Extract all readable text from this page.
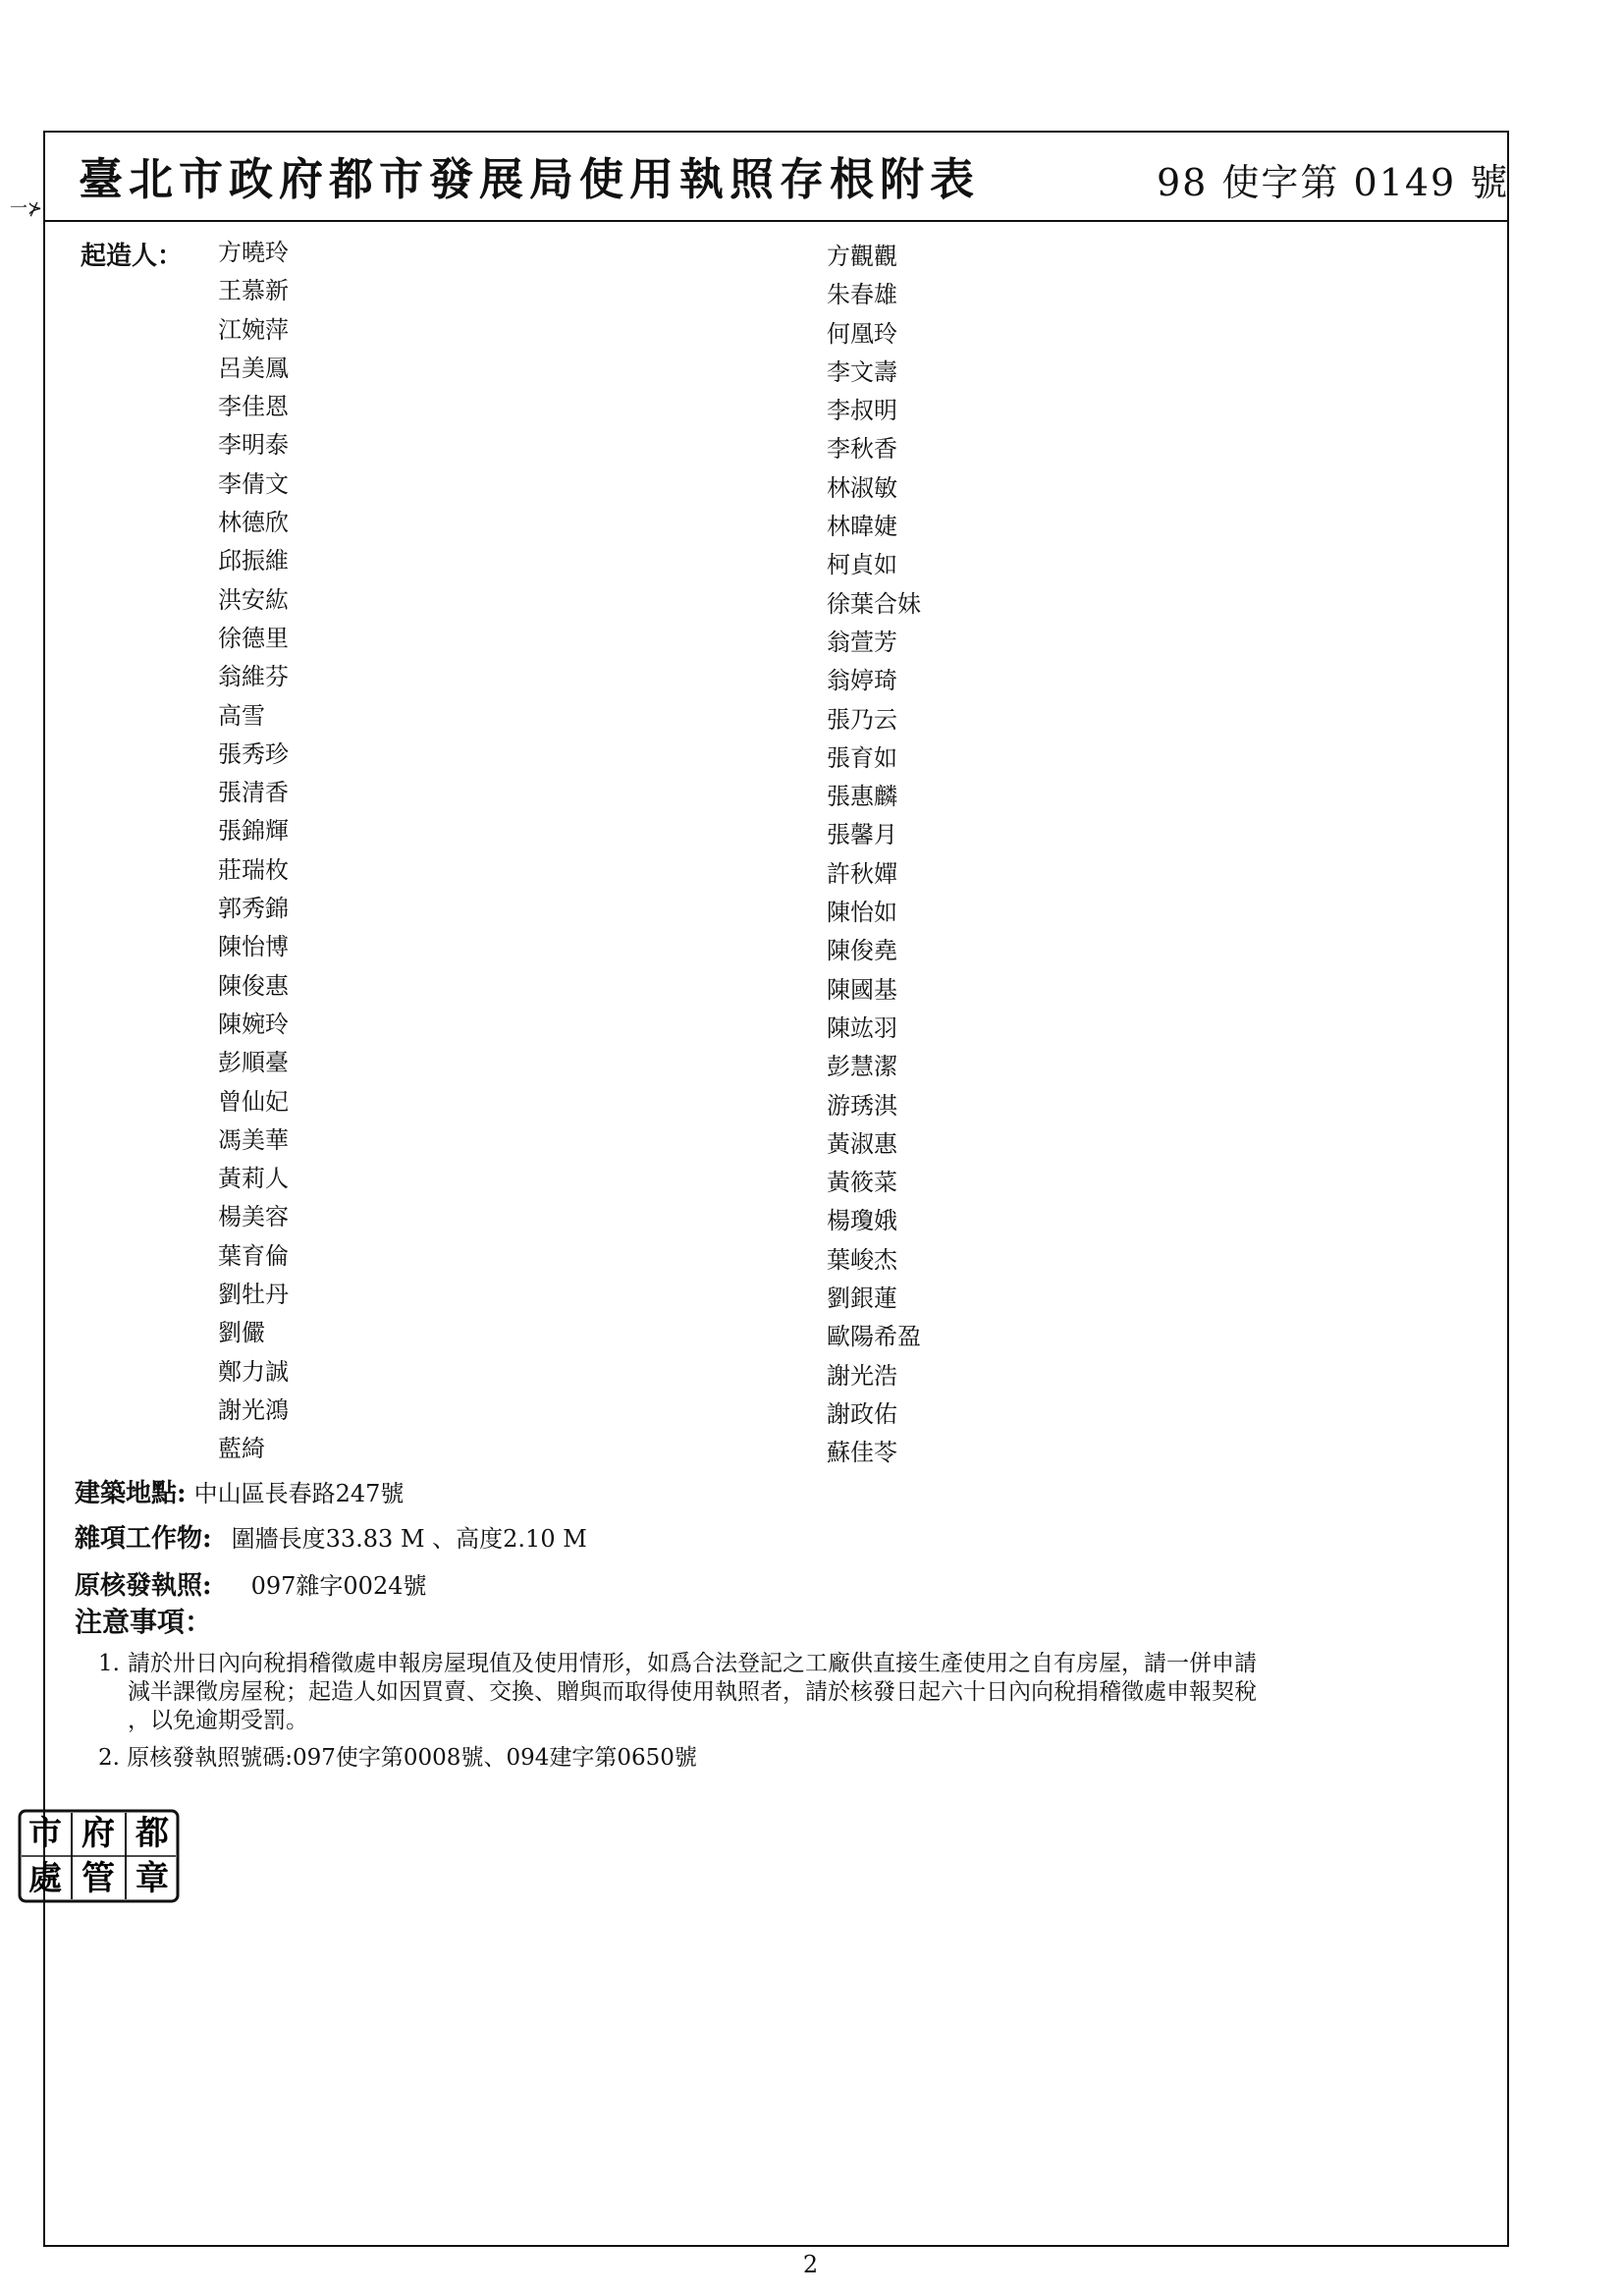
一⊁
臺北市政府都市發展局使用執照存根附表	98 使字第 0149 號
起造人： 方曉玲
王慕新
江婉萍
呂美鳳
李佳恩
李明泰
李倩文
林德欣
邱振維
洪安紘
徐德里
翁維芬
高雪
張秀珍
張清香
張錦輝
莊瑞枚
郭秀錦
陳怡博
陳俊惠
陳婉玲
彭順臺
曾仙妃
馮美華
黃莉人
楊美容
葉育倫
劉牡丹
劉儼
鄭力誠
謝光鴻
藍綺
方觀觀
朱春雄
何凰玲
李文壽
李叔明
李秋香
林淑敏
林暐婕
柯貞如
徐葉合妹
翁萱芳
翁婷琦
張乃云
張育如
張惠麟
張馨月
許秋嬋
陳怡如
陳俊堯
陳國基
陳竑羽
彭慧潔
游琇淇
黃淑惠
黃筱菜
楊瓊娥
葉峻杰
劉銀蓮
歐陽希盈
謝光浩
謝政佑
蘇佳苓
建築地點: 中山區長春路247號
雜項工作物: 圍牆長度33.83 M 、高度2.10 M
原核發執照: 097雜字0024號
注意事項：
1. 請於卅日內向稅捐稽徵處申報房屋現值及使用情形，如爲合法登記之工廠供直接生產使用之自有房屋，請一併申請
減半課徵房屋稅；起造人如因買賣、交換、贈與而取得使用執照者，請於核發日起六十日內向稅捐稽徵處申報契稅
，以免逾期受罰。
2. 原核發執照號碼:097使字第0008號、094建字第0650號
市 府 都
處 管 章
2
